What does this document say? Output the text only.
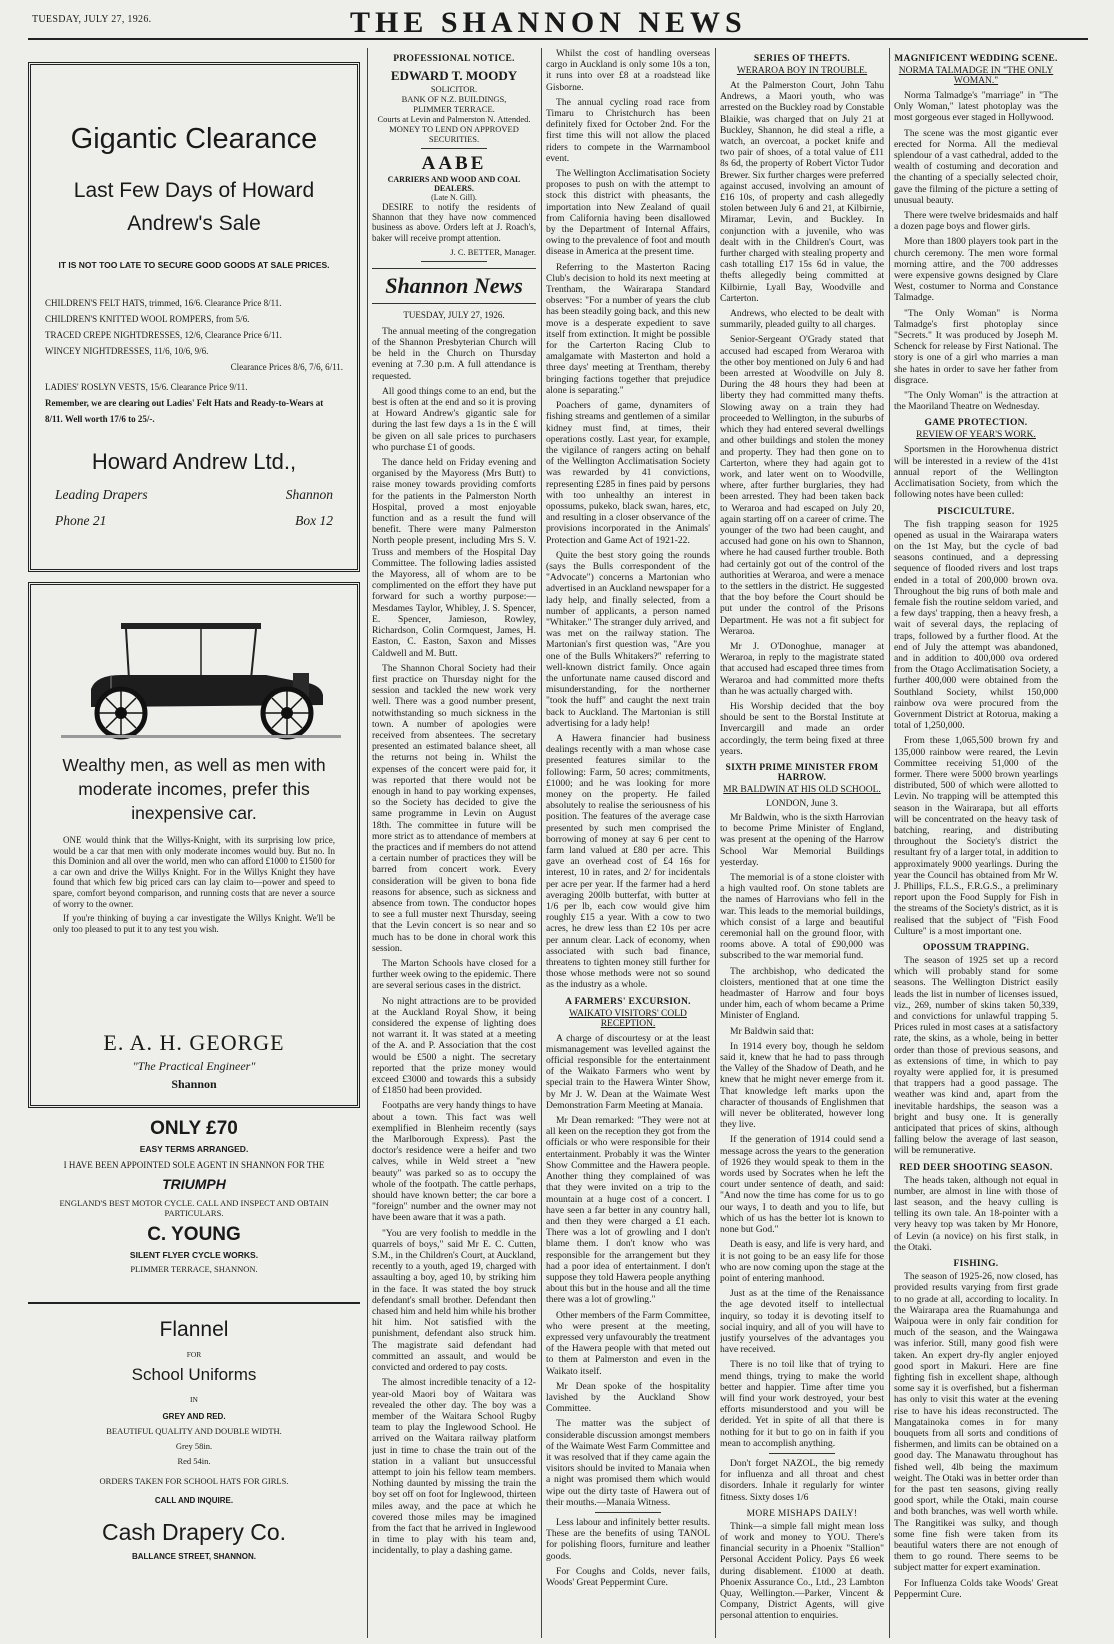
TUESDAY, JULY 27, 1926.	THE SHANNON NEWS
Gigantic Clearance
Last Few Days of Howard Andrew's Sale
IT IS NOT TOO LATE TO SECURE GOOD GOODS AT SALE PRICES.
CHILDREN'S FELT HATS, trimmed, 16/6. Clearance Price 8/11.
CHILDREN'S KNITTED WOOL ROMPERS, from 5/6.
TRACED CREPE NIGHTDRESSES, 12/6, Clearance Price 6/11.
WINCEY NIGHTDRESSES, 11/6, 10/6, 9/6.
Clearance Prices 8/6, 7/6, 6/11.
LADIES' ROSLYN VESTS, 15/6. Clearance Price 9/11.
Remember, we are clearing out Ladies' Felt Hats and Ready-to-Wears at 8/11. Well worth 17/6 to 25/-.
Howard Andrew Ltd.,
Leading Drapers	Shannon
Phone 21	Box 12
Wealthy men, as well as men with moderate incomes, prefer this inexpensive car.

ONE would think that the Willys-Knight, with its surprising low price, would be a car that men with only moderate incomes would buy. But no. In this Dominion and all over the world, men who can afford £1000 to £1500 for a car own and drive the Willys Knight. For in the Willys Knight they have found that which few big priced cars can lay claim to—power and speed to spare, comfort beyond comparison, and running costs that are never a source of worry to the owner.

If you're thinking of buying a car investigate the Willys Knight. We'll be only too pleased to put it to any test you wish.

E. A. H. GEORGE
"The Practical Engineer"
Shannon
ONLY £70
EASY TERMS ARRANGED.
I HAVE BEEN APPOINTED SOLE AGENT IN SHANNON FOR THE
TRIUMPH
ENGLAND'S BEST MOTOR CYCLE. CALL AND INSPECT AND OBTAIN PARTICULARS.
C. YOUNG
SILENT FLYER CYCLE WORKS.
PLIMMER TERRACE, SHANNON.
Flannel
FOR
School Uniforms
IN
GREY AND RED.
BEAUTIFUL QUALITY AND DOUBLE WIDTH.
Grey 58in.
Red 54in.
ORDERS TAKEN FOR SCHOOL HATS FOR GIRLS.
CALL AND INQUIRE.
Cash Drapery Co.
BALLANCE STREET, SHANNON.
PROFESSIONAL NOTICE.
EDWARD T. MOODY
SOLICITOR.
BANK OF N.Z. BUILDINGS,
PLIMMER TERRACE.
Courts at Levin and Palmerston N. Attended.
MONEY TO LEND ON APPROVED SECURITIES.
AABE
CARRIERS AND WOOD AND COAL DEALERS.
(Late N. Gill).

DESIRE to notify the residents of Shannon that they have now commenced business as above. Orders left at J. Roach's, baker will receive prompt attention.

J. C. BETTER, Manager.
Shannon News
TUESDAY, JULY 27, 1926.

The annual meeting of the congregation of the Shannon Presbyterian Church will be held in the Church on Thursday evening at 7.30 p.m. A full attendance is requested.

All good things come to an end, but the best is often at the end and so it is proving at Howard Andrew's gigantic sale for during the last few days a 1s in the £ will be given on all sale prices to purchasers who purchase £1 of goods.

The dance held on Friday evening and organised by the Mayoress (Mrs Butt) to raise money towards providing comforts for the patients in the Palmerston North Hospital, proved a most enjoyable function and as a result the fund will benefit. There were many Palmerston North people present, including Mrs S. V. Truss and members of the Hospital Day Committee. The following ladies assisted the Mayoress, all of whom are to be complimented on the effort they have put forward for such a worthy purpose:—Mesdames Taylor, Whibley, J. S. Spencer, E. Spencer, Jamieson, Rowley, Richardson, Colin Cormquest, James, H. Easton, C. Easton, Saxon and Misses Caldwell and M. Butt.

The Shannon Choral Society had their first practice on Thursday night for the session and tackled the new work very well. There was a good number present, notwithstanding so much sickness in the town. A number of apologies were received from absentees. The secretary presented an estimated balance sheet, all the returns not being in. Whilst the expenses of the concert were paid for, it was reported that there would not be enough in hand to pay working expenses, so the Society has decided to give the same programme in Levin on August 18th. The committee in future will be more strict as to attendance of members at the practices and if members do not attend a certain number of practices they will be barred from concert work. Every consideration will be given to bona fide reasons for absence, such as sickness and absence from town. The conductor hopes to see a full muster next Thursday, seeing that the Levin concert is so near and so much has to be done in choral work this session.

The Marton Schools have closed for a further week owing to the epidemic. There are several serious cases in the district.

No night attractions are to be provided at the Auckland Royal Show, it being considered the expense of lighting does not warrant it. It was stated at a meeting of the A. and P. Association that the cost would be £500 a night. The secretary reported that the prize money would exceed £3000 and towards this a subsidy of £1850 had been provided.

Footpaths are very handy things to have about a town. This fact was well exemplified in Blenheim recently (says the Marlborough Express). Past the doctor's residence were a heifer and two calves, while in Weld street a "new beauty" was parked so as to occupy the whole of the footpath. The cattle perhaps, should have known better; the car bore a "foreign" number and the owner may not have been aware that it was a path.

"You are very foolish to meddle in the quarrels of boys," said Mr E. C. Cutten, S.M., in the Children's Court, at Auckland, recently to a youth, aged 19, charged with assaulting a boy, aged 10, by striking him in the face. It was stated the boy struck defendant's small brother. Defendant then chased him and held him while his brother hit him. Not satisfied with the punishment, defendant also struck him. The magistrate said defendant had committed an assault, and would be convicted and ordered to pay costs.

The almost incredible tenacity of a 12-year-old Maori boy of Waitara was revealed the other day. The boy was a member of the Waitara School Rugby team to play the Inglewood School. He arrived on the Waitara railway platform just in time to chase the train out of the station in a valiant but unsuccessful attempt to join his fellow team members. Nothing daunted by missing the train the boy set off on foot for Inglewood, thirteen miles away, and the pace at which he covered those miles may be imagined from the fact that he arrived in Inglewood in time to play with his team and, incidentally, to play a dashing game.

Whilst the cost of handling overseas cargo in Auckland is only some 10s a ton, it runs into over £8 at a roadstead like Gisborne.

The annual cycling road race from Timaru to Christchurch has been definitely fixed for October 2nd. For the first time this will not allow the placed riders to compete in the Warrnambool event.

The Wellington Acclimatisation Society proposes to push on with the attempt to stock this district with pheasants, the importation into New Zealand of quail from California having been disallowed by the Department of Internal Affairs, owing to the prevalence of foot and mouth disease in America at the present time.

Referring to the Masterton Racing Club's decision to hold its next meeting at Trentham, the Wairarapa Standard observes: "For a number of years the club has been steadily going back, and this new move is a desperate expedient to save itself from extinction. It might be possible for the Carterton Racing Club to amalgamate with Masterton and hold a three days' meeting at Trentham, thereby bringing factions together that prejudice alone is separating."

Poachers of game, dynamiters of fishing streams and gentlemen of a similar kidney must find, at times, their operations costly. Last year, for example, the vigilance of rangers acting on behalf of the Wellington Acclimatisation Society was rewarded by 41 convictions, representing £285 in fines paid by persons with too unhealthy an interest in opossums, pukeko, black swan, hares, etc, and resulting in a closer observance of the provisions incorporated in the Animals' Protection and Game Act of 1921-22.

Quite the best story going the rounds (says the Bulls correspondent of the "Advocate") concerns a Martonian who advertised in an Auckland newspaper for a lady help, and finally selected, from a number of applicants, a person named "Whitaker." The stranger duly arrived, and was met on the railway station. The Martonian's first question was, "Are you one of the Bulls Whitakers?" referring to well-known district family. Once again the unfortunate name caused discord and misunderstanding, for the northerner "took the huff" and caught the next train back to Auckland. The Martonian is still advertising for a lady help!

A Hawera financier had business dealings recently with a man whose case presented features similar to the following: Farm, 50 acres; commitments, £1000; and he was looking for more money on the property. He failed absolutely to realise the seriousness of his position. The features of the average case presented by such men comprised the borrowing of money at say 6 per cent to farm land valued at £80 per acre. This gave an overhead cost of £4 16s for interest, 10 in rates, and 2/ for incidentals per acre per year. If the farmer had a herd averaging 200lb butterfat, with butter at 1/6 per lb, each cow would give him roughly £15 a year. With a cow to two acres, he drew less than £2 10s per acre per annum clear. Lack of economy, when associated with such bad finance, threatens to tighten money still further for those whose methods were not so sound as the industry as a whole.

A FARMERS' EXCURSION.
WAIKATO VISITORS' COLD RECEPTION.

A charge of discourtesy or at the least mismanagement was levelled against the official responsible for the entertainment of the Waikato Farmers who went by special train to the Hawera Winter Show, by Mr J. W. Dean at the Waimate West Demonstration Farm Meeting at Manaia.

Mr Dean remarked: "They were not at all keen on the reception they got from the officials or who were responsible for their entertainment. Probably it was the Winter Show Committee and the Hawera people. Another thing they complained of was that they were invited on a trip to the mountain at a huge cost of a concert. I have seen a far better in any country hall, and then they were charged a £1 each. There was a lot of growling and I don't blame them. I don't know who was responsible for the arrangement but they had a poor idea of entertainment. I don't suppose they told Hawera people anything about this but in the house and all the time there was a lot of growling."

Other members of the Farm Committee, who were present at the meeting, expressed very unfavourably the treatment of the Hawera people with that meted out to them at Palmerston and even in the Waikato itself.

Mr Dean spoke of the hospitality lavished by the Auckland Show Committee.

The matter was the subject of considerable discussion amongst members of the Waimate West Farm Committee and it was resolved that if they came again the visitors should be invited to Manaia when a night was promised them which would wipe out the dirty taste of Hawera out of their mouths.—Manaia Witness.

Less labour and infinitely better results. These are the benefits of using TANOL for polishing floors, furniture and leather goods.

For Coughs and Colds, never fails, Woods' Great Peppermint Cure.

SERIES OF THEFTS.
WERAROA BOY IN TROUBLE.

At the Palmerston Court, John Tahu Andrews, a Maori youth, who was arrested on the Buckley road by Constable Blaikie, was charged that on July 21 at Buckley, Shannon, he did steal a rifle, a watch, an overcoat, a pocket knife and two pair of shoes, of a total value of £11 8s 6d, the property of Robert Victor Tudor Brewer. Six further charges were preferred against accused, involving an amount of £16 10s, of property and cash allegedly stolen between July 6 and 21, at Kilbirnie, Miramar, Levin, and Buckley. In conjunction with a juvenile, who was dealt with in the Children's Court, was further charged with stealing property and cash totalling £17 15s 6d in value, the thefts allegedly being committed at Kilbirnie, Lyall Bay, Woodville and Carterton.

Andrews, who elected to be dealt with summarily, pleaded guilty to all charges.

Senior-Sergeant O'Grady stated that accused had escaped from Weraroa with the other boy mentioned on July 6 and had been arrested at Woodville on July 8. During the 48 hours they had been at liberty they had committed many thefts. Slowing away on a train they had proceeded to Wellington, in the suburbs of which they had entered several dwellings and other buildings and stolen the money and property. They had then gone on to Carterton, where they had again got to work, and later went on to Woodville, where, after further burglaries, they had been arrested. They had been taken back to Weraroa and had escaped on July 20, again starting off on a career of crime. The younger of the two had been caught, and accused had gone on his own to Shannon, where he had caused further trouble. Both had certainly got out of the control of the authorities at Weraroa, and were a menace to the settlers in the district. He suggested that the boy before the Court should be put under the control of the Prisons Department. He was not a fit subject for Weraroa.

Mr J. O'Donoghue, manager at Weraroa, in reply to the magistrate stated that accused had escaped three times from Weraroa and had committed more thefts than he was actually charged with.

His Worship decided that the boy should be sent to the Borstal Institute at Invercargill and made an order accordingly, the term being fixed at three years.

SIXTH PRIME MINISTER FROM HARROW.
MR BALDWIN AT HIS OLD SCHOOL.
LONDON, June 3.

Mr Baldwin, who is the sixth Harrovian to become Prime Minister of England, was present at the opening of the Harrow School War Memorial Buildings yesterday.

The memorial is of a stone cloister with a high vaulted roof. On stone tablets are the names of Harrovians who fell in the war. This leads to the memorial buildings, which consist of a large and beautiful ceremonial hall on the ground floor, with rooms above. A total of £90,000 was subscribed to the war memorial fund.

The archbishop, who dedicated the cloisters, mentioned that at one time the headmaster of Harrow and four boys under him, each of whom became a Prime Minister of England.

Mr Baldwin said that:

In 1914 every boy, though he seldom said it, knew that he had to pass through the Valley of the Shadow of Death, and he knew that he might never emerge from it. That knowledge left marks upon the character of thousands of Englishmen that will never be obliterated, however long they live.

If the generation of 1914 could send a message across the years to the generation of 1926 they would speak to them in the words used by Socrates when he left the court under sentence of death, and said: "And now the time has come for us to go our ways, I to death and you to life, but which of us has the better lot is known to none but God."

Death is easy, and life is very hard, and it is not going to be an easy life for those who are now coming upon the stage at the point of entering manhood.

Just as at the time of the Renaissance the age devoted itself to intellectual inquiry, so today it is devoting itself to social inquiry, and all of you will have to justify yourselves of the advantages you have received.

There is no toil like that of trying to mend things, trying to make the world better and happier. Time after time you will find your work destroyed, your best efforts misunderstood and you will be derided. Yet in spite of all that there is nothing for it but to go on in faith if you mean to accomplish anything.

Don't forget NAZOL, the big remedy for influenza and all throat and chest disorders. Inhale it regularly for winter fitness. Sixty doses 1/6

MORE MISHAPS DAILY!

Think—a simple fall might mean loss of work and money to YOU. There's financial security in a Phoenix "Stallion" Personal Accident Policy. Pays £6 week during disablement. £1000 at death. Phoenix Assurance Co., Ltd., 23 Lambton Quay, Wellington.—Parker, Vincent & Company, District Agents, will give personal attention to enquiries.

MAGNIFICENT WEDDING SCENE.
NORMA TALMADGE IN "THE ONLY WOMAN."

Norma Talmadge's "marriage" in "The Only Woman," latest photoplay was the most gorgeous ever staged in Hollywood.

The scene was the most gigantic ever erected for Norma. All the medieval splendour of a vast cathedral, added to the wealth of costuming and decoration and the chanting of a specially selected choir, gave the filming of the picture a setting of unusual beauty.

There were twelve bridesmaids and half a dozen page boys and flower girls.

More than 1800 players took part in the church ceremony. The men wore formal morning attire, and the 700 addresses were expensive gowns designed by Clare West, costumer to Norma and Constance Talmadge.

"The Only Woman" is Norma Talmadge's first photoplay since "Secrets." It was produced by Joseph M. Schenck for release by First National. The story is one of a girl who marries a man she hates in order to save her father from disgrace.

"The Only Woman" is the attraction at the Maoriland Theatre on Wednesday.

GAME PROTECTION.
REVIEW OF YEAR'S WORK.

Sportsmen in the Horowhenua district will be interested in a review of the 41st annual report of the Wellington Acclimatisation Society, from which the following notes have been culled:

PISCICULTURE.

The fish trapping season for 1925 opened as usual in the Wairarapa waters on the 1st May, but the cycle of bad seasons continued, and a depressing sequence of flooded rivers and lost traps ended in a total of 200,000 brown ova. Throughout the big runs of both male and female fish the routine seldom varied, and a few days' trapping, then a heavy fresh, a wait of several days, the replacing of traps, followed by a further flood. At the end of July the attempt was abandoned, and in addition to 400,000 ova ordered from the Otago Acclimatisation Society, a further 400,000 were obtained from the Southland Society, whilst 150,000 rainbow ova were procured from the Government District at Rotorua, making a total of 1,250,000.

From these 1,065,500 brown fry and 135,000 rainbow were reared, the Levin Committee receiving 51,000 of the former. There were 5000 brown yearlings distributed, 500 of which were allotted to Levin. No trapping will be attempted this season in the Wairarapa, but all efforts will be concentrated on the heavy task of batching, rearing, and distributing throughout the Society's district the resultant fry of a larger total, in addition to approximately 9000 yearlings. During the year the Council has obtained from Mr W. J. Phillips, F.L.S., F.R.G.S., a preliminary report upon the Food Supply for Fish in the streams of the Society's district, as it is realised that the subject of "Fish Food Culture" is a most important one.

OPOSSUM TRAPPING.

The season of 1925 set up a record which will probably stand for some seasons. The Wellington District easily leads the list in number of licenses issued, viz., 269, number of skins taken 50,339, and convictions for unlawful trapping 5. Prices ruled in most cases at a satisfactory rate, the skins, as a whole, being in better order than those of previous seasons, and as extensions of time, in which to pay royalty were applied for, it is presumed that trappers had a good passage. The weather was kind and, apart from the inevitable hardships, the season was a bright and busy one. It is generally anticipated that prices of skins, although falling below the average of last season, will be remunerative.

RED DEER SHOOTING SEASON.

The heads taken, although not equal in number, are almost in line with those of last season, and the heavy culling is telling its own tale. An 18-pointer with a very heavy top was taken by Mr Honore, of Levin (a novice) on his first stalk, in the Otaki.

FISHING.

The season of 1925-26, now closed, has provided results varying from first grade to no grade at all, according to locality. In the Wairarapa area the Ruamahunga and Waipoua were in only fair condition for much of the season, and the Waingawa was inferior. Still, many good fish were taken. An expert dry-fly angler enjoyed good sport in Makuri. Here are fine fighting fish in excellent shape, although some say it is overfished, but a fisherman has only to visit this water at the evening rise to have his ideas reconstructed. The Mangatainoka comes in for many bouquets from all sorts and conditions of fishermen, and limits can be obtained on a good day. The Manawatu throughout has fished well, 4lb being the maximum weight. The Otaki was in better order than for the past ten seasons, giving really good sport, while the Otaki, main course and both branches, was well worth while. The Rangitikei was sulky, and though some fine fish were taken from its beautiful waters there are not enough of them to go round. There seems to be subject matter for expert examination.

For Influenza Colds take Woods' Great Peppermint Cure.
